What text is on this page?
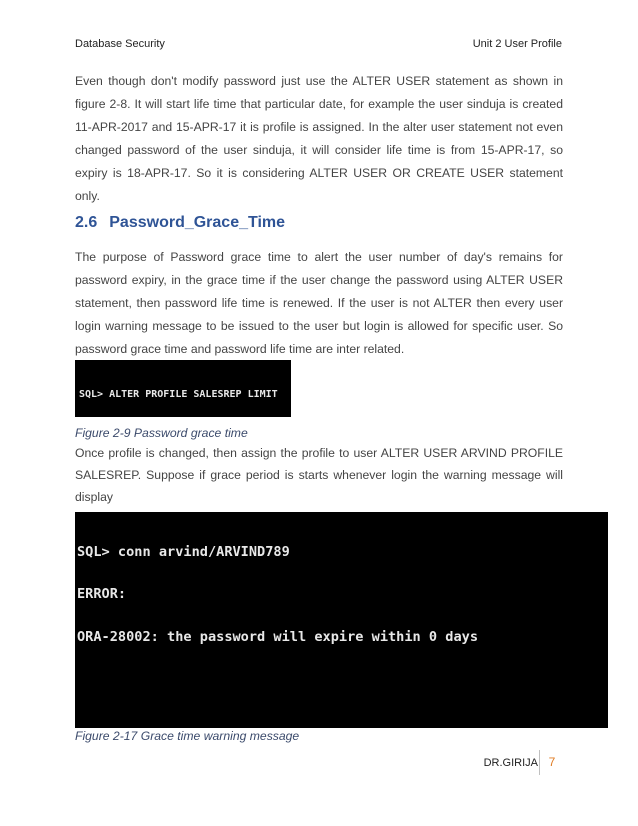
Database Security	Unit 2 User Profile

Even though don't modify password just use the ALTER USER statement as shown in figure 2-8. It will start life time that particular date, for example the user sinduja is created 11-APR-2017 and 15-APR-17 it is profile is assigned. In the alter user statement not even changed password of the user sinduja, it will consider life time is from 15-APR-17, so expiry is 18-APR-17. So it is considering ALTER USER OR CREATE USER statement only.

2.6 Password_Grace_Time

The purpose of Password grace time to alert the user number of day's remains for password expiry, in the grace time if the user change the password using ALTER USER statement, then password life time is renewed. If the user is not ALTER then every user login warning message to be issued to the user but login is allowed for specific user. So password grace time and password life time are inter related.

SQL> ALTER PROFILE SALESREP LIMIT

Figure 2-9 Password grace time

Once profile is changed, then assign the profile to user ALTER USER ARVIND PROFILE SALESREP. Suppose if grace period is starts whenever login the warning message will display

SQL> conn arvind/ARVIND789

ERROR:

ORA-28002: the password will expire within 0 days

Figure 2-17 Grace time warning message
DR.GIRIJA 7
